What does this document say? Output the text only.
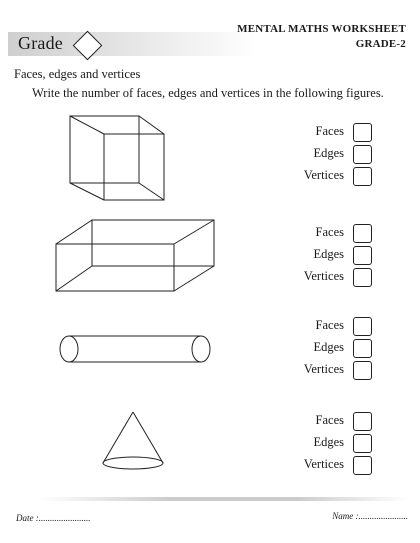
Grade
MENTAL MATHS WORKSHEET
GRADE-2
Faces, edges and vertices
Write the number of faces, edges and vertices in the following figures.
Faces
Edges
Vertices
Faces
Edges
Vertices
Faces
Edges
Vertices
Faces
Edges
Vertices
Date :.......................	Name :......................
